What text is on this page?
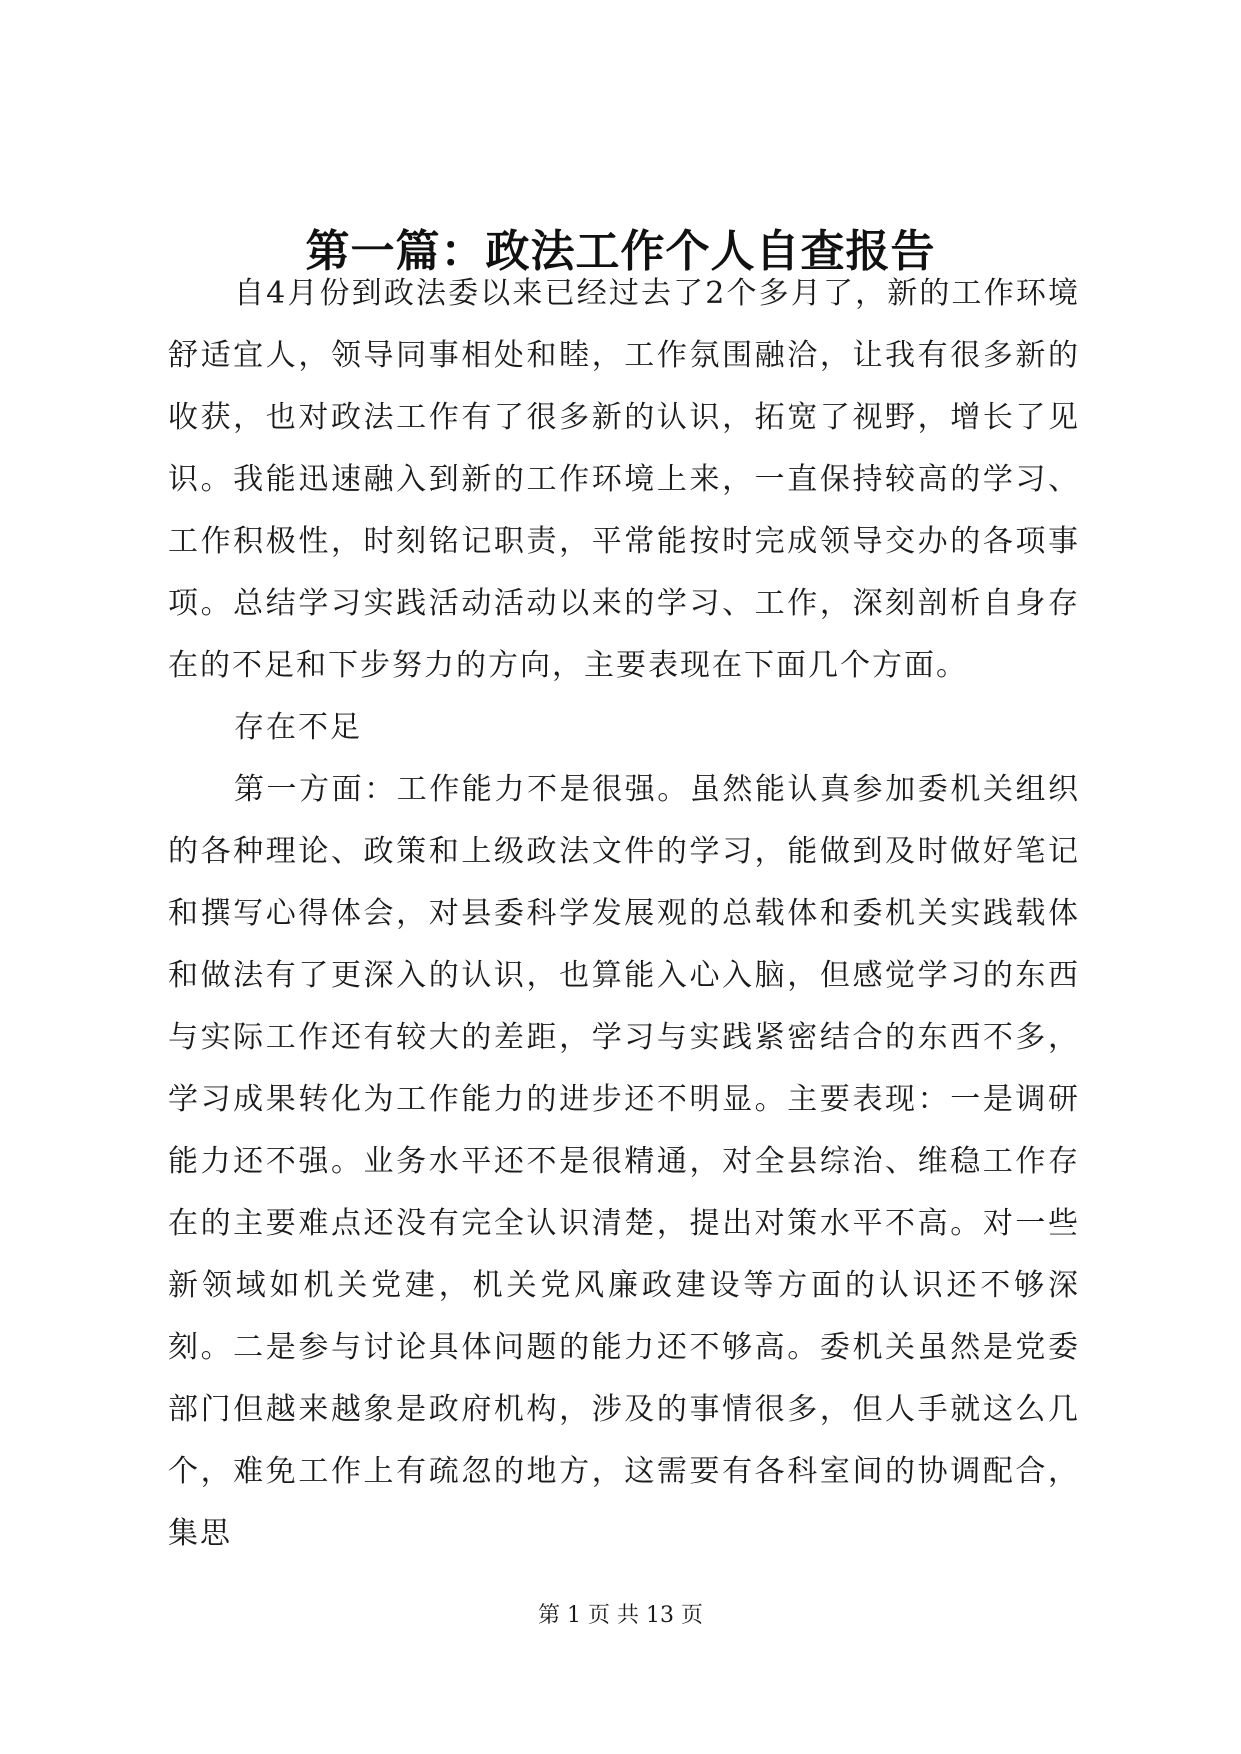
第一篇：政法工作个人自查报告

自4月份到政法委以来已经过去了2个多月了，新的工作环境舒适宜人，领导同事相处和睦，工作氛围融洽，让我有很多新的收获，也对政法工作有了很多新的认识，拓宽了视野，增长了见识。我能迅速融入到新的工作环境上来，一直保持较高的学习、工作积极性，时刻铭记职责，平常能按时完成领导交办的各项事项。总结学习实践活动活动以来的学习、工作，深刻剖析自身存在的不足和下步努力的方向，主要表现在下面几个方面。

存在不足

第一方面：工作能力不是很强。虽然能认真参加委机关组织的各种理论、政策和上级政法文件的学习，能做到及时做好笔记和撰写心得体会，对县委科学发展观的总载体和委机关实践载体和做法有了更深入的认识，也算能入心入脑，但感觉学习的东西与实际工作还有较大的差距，学习与实践紧密结合的东西不多，学习成果转化为工作能力的进步还不明显。主要表现：一是调研能力还不强。业务水平还不是很精通，对全县综治、维稳工作存在的主要难点还没有完全认识清楚，提出对策水平不高。对一些新领域如机关党建，机关党风廉政建设等方面的认识还不够深刻。二是参与讨论具体问题的能力还不够高。委机关虽然是党委部门但越来越象是政府机构，涉及的事情很多，但人手就这么几个，难免工作上有疏忽的地方，这需要有各科室间的协调配合，集思

第 1 页 共 13 页
